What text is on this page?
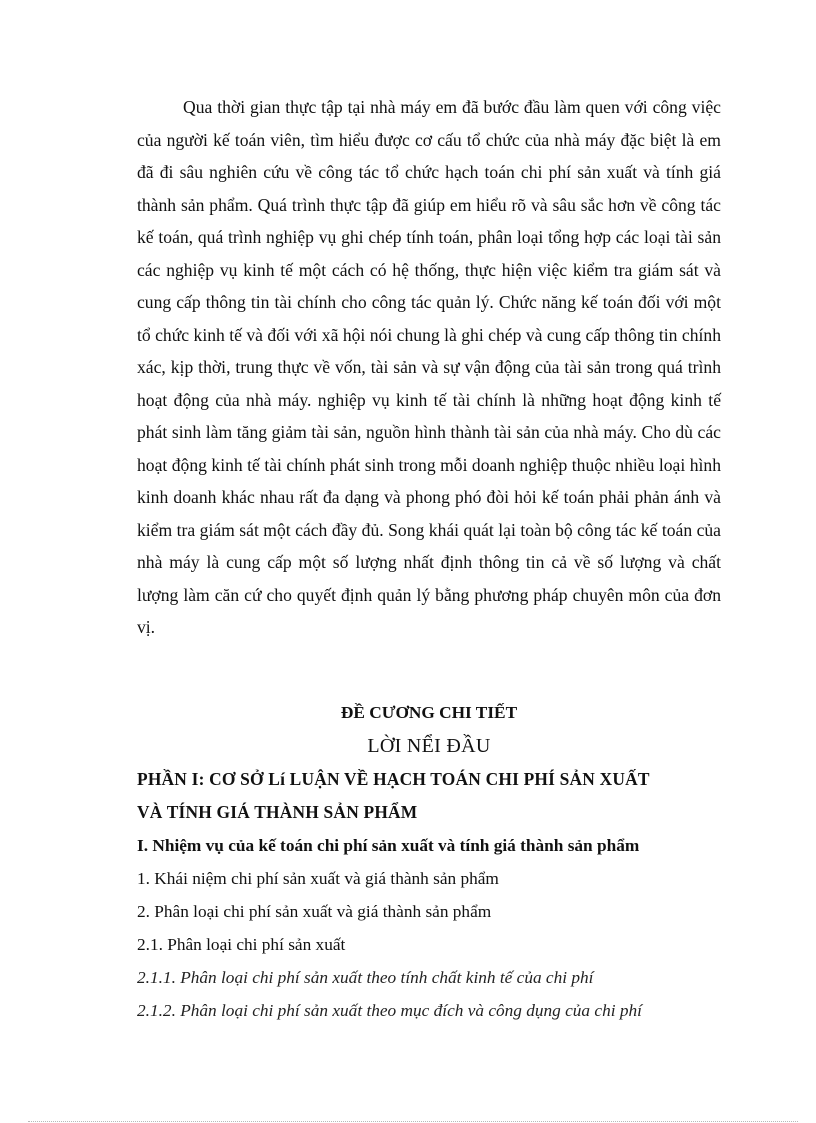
Qua thời gian thực tập tại nhà máy em đã bước đầu làm quen với công việc của người kế toán viên, tìm hiểu được cơ cấu tổ chức của nhà máy đặc biệt là em đã đi sâu nghiên cứu về công tác tổ chức hạch toán chi phí sản xuất và tính giá thành sản phẩm. Quá trình thực tập đã giúp em hiểu rõ và sâu sắc hơn về công tác kế toán, quá trình nghiệp vụ ghi chép tính toán, phân loại tổng hợp các loại tài sản các nghiệp vụ kinh tế một cách có hệ thống, thực hiện việc kiểm tra giám sát và cung cấp thông tin tài chính cho công tác quản lý. Chức năng kế toán đối với một tổ chức kinh tế và đối với xã hội nói chung là ghi chép và cung cấp thông tin chính xác, kịp thời, trung thực về vốn, tài sản và sự vận động của tài sản trong quá trình hoạt động của nhà máy. nghiệp vụ kinh tế tài chính là những hoạt động kinh tế phát sinh làm tăng giảm tài sản, nguồn hình thành tài sản của nhà máy. Cho dù các hoạt động kinh tế tài chính phát sinh trong mỗi doanh nghiệp thuộc nhiều loại hình kinh doanh khác nhau rất đa dạng và phong phó đòi hỏi kế toán phải phản ánh và kiểm tra giám sát một cách đầy đủ. Song khái quát lại toàn bộ công tác kế toán của nhà máy là cung cấp một số lượng nhất định thông tin cả về số lượng và chất lượng làm căn cứ cho quyết định quản lý bằng phương pháp chuyên môn của đơn vị.

ĐỀ CƯƠNG CHI TIẾT

LỜI NỂI ĐẦU

PHẦN I: CƠ SỞ Lí LUẬN VỀ HẠCH TOÁN CHI PHÍ SẢN XUẤT

VÀ TÍNH GIÁ THÀNH SẢN PHẨM

I. Nhiệm vụ của kế toán chi phí sản xuất và tính giá thành sản phẩm

1. Khái niệm chi phí sản xuất và giá thành sản phẩm

2. Phân loại chi phí sản xuất và giá thành sản phẩm

2.1. Phân loại chi phí sản xuất

2.1.1. Phân loại chi phí sản xuất theo tính chất kinh tế của chi phí

2.1.2. Phân loại chi phí sản xuất theo mục đích và công dụng của chi phí
